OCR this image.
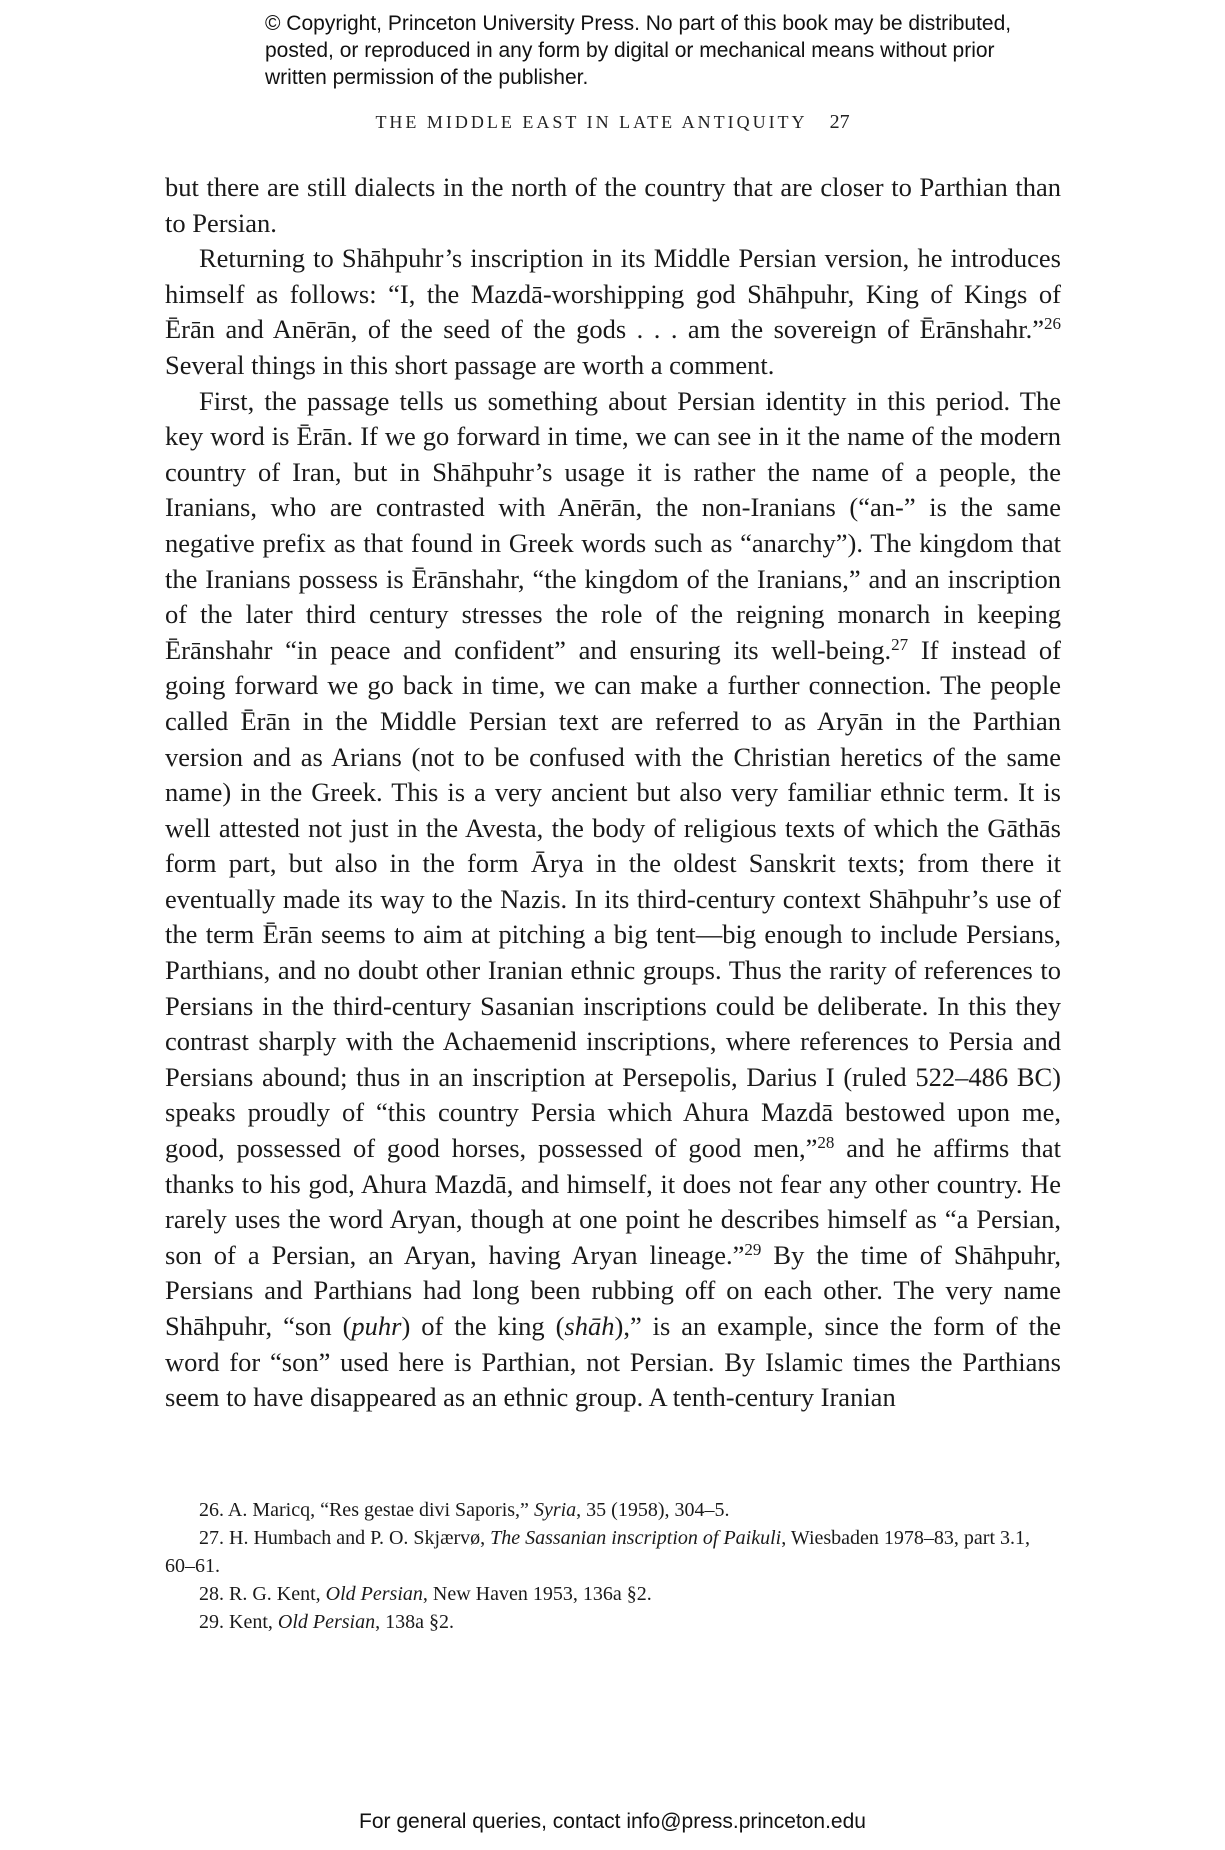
© Copyright, Princeton University Press. No part of this book may be distributed, posted, or reproduced in any form by digital or mechanical means without prior written permission of the publisher.
THE MIDDLE EAST IN LATE ANTIQUITY 27

but there are still dialects in the north of the country that are closer to Parthian than to Persian.

Returning to Shāhpuhr’s inscription in its Middle Persian version, he introduces himself as follows: “I, the Mazdā-worshipping god Shāhpuhr, King of Kings of Ērān and Anērān, of the seed of the gods . . . am the sovereign of Ērānshahr.”$^{26}$ Several things in this short passage are worth a comment.

First, the passage tells us something about Persian identity in this period. The key word is Ērān. If we go forward in time, we can see in it the name of the modern country of Iran, but in Shāhpuhr’s usage it is rather the name of a people, the Iranians, who are contrasted with Anērān, the non-Iranians (“an-” is the same negative prefix as that found in Greek words such as “anarchy”). The kingdom that the Iranians possess is Ērānshahr, “the kingdom of the Iranians,” and an inscription of the later third century stresses the role of the reigning monarch in keeping Ērānshahr “in peace and confident” and ensuring its well-being.$^{27}$ If instead of going forward we go back in time, we can make a further connection. The people called Ērān in the Middle Persian text are referred to as Aryān in the Parthian version and as Arians (not to be confused with the Christian heretics of the same name) in the Greek. This is a very ancient but also very familiar ethnic term. It is well attested not just in the Avesta, the body of religious texts of which the Gāthās form part, but also in the form Ārya in the oldest Sanskrit texts; from there it eventually made its way to the Nazis. In its third-century context Shāhpuhr’s use of the term Ērān seems to aim at pitching a big tent—big enough to include Persians, Parthians, and no doubt other Iranian ethnic groups. Thus the rarity of references to Persians in the third-century Sasanian inscriptions could be deliberate. In this they contrast sharply with the Achaemenid inscriptions, where references to Persia and Persians abound; thus in an inscription at Persepolis, Darius I (ruled 522–486 BC) speaks proudly of “this country Persia which Ahura Mazdā bestowed upon me, good, possessed of good horses, possessed of good men,”$^{28}$ and he affirms that thanks to his god, Ahura Mazdā, and himself, it does not fear any other country. He rarely uses the word Aryan, though at one point he describes himself as “a Persian, son of a Persian, an Aryan, having Aryan lineage.”$^{29}$ By the time of Shāhpuhr, Persians and Parthians had long been rubbing off on each other. The very name Shāhpuhr, “son (puhr) of the king (shāh),” is an example, since the form of the word for “son” used here is Parthian, not Persian. By Islamic times the Parthians seem to have disappeared as an ethnic group. A tenth-century Iranian

26. A. Maricq, “Res gestae divi Saporis,” Syria, 35 (1958), 304–5.

27. H. Humbach and P. O. Skjærvø, The Sassanian inscription of Paikuli, Wiesbaden 1978–83, part 3.1, 60–61.

28. R. G. Kent, Old Persian, New Haven 1953, 136a §2.

29. Kent, Old Persian, 138a §2.

For general queries, contact info@press.princeton.edu
